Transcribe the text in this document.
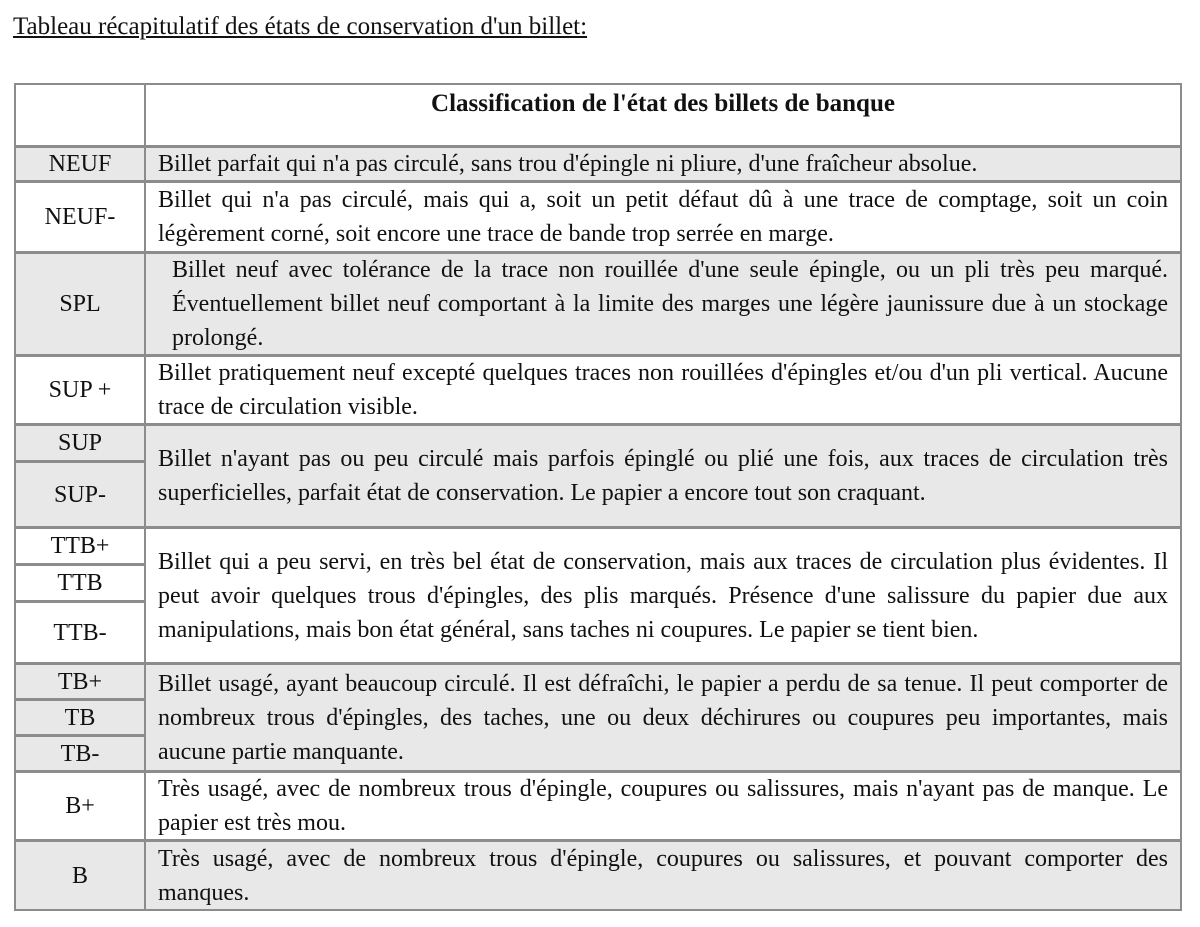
Tableau récapitulatif des états de conservation d'un billet:
Classification de l'état des billets de banque
NEUF	Billet parfait qui n'a pas circulé, sans trou d'épingle ni pliure, d'une fraîcheur absolue.
NEUF-
Billet qui n'a pas circulé, mais qui a, soit un petit défaut dû à une trace de comptage, soit un coin légèrement corné, soit encore une trace de bande trop serrée en marge.
SPL
Billet neuf avec tolérance de la trace non rouillée d'une seule épingle, ou un pli très peu marqué. Éventuellement billet neuf comportant à la limite des marges une légère jaunissure due à un stockage prolongé.
SUP +
Billet pratiquement neuf excepté quelques traces non rouillées d'épingles et/ou d'un pli vertical. Aucune trace de circulation visible.
SUP
SUP-
Billet n'ayant pas ou peu circulé mais parfois épinglé ou plié une fois, aux traces de circulation très superficielles, parfait état de conservation. Le papier a encore tout son craquant.
TTB+
TTB
TTB-
Billet qui a peu servi, en très bel état de conservation, mais aux traces de circulation plus évidentes. Il peut avoir quelques trous d'épingles, des plis marqués. Présence d'une salissure du papier due aux manipulations, mais bon état général, sans taches ni coupures. Le papier se tient bien.
TB+
TB
TB-
Billet usagé, ayant beaucoup circulé. Il est défraîchi, le papier a perdu de sa tenue. Il peut comporter de nombreux trous d'épingles, des taches, une ou deux déchirures ou coupures peu importantes, mais aucune partie manquante.
B+
Très usagé, avec de nombreux trous d'épingle, coupures ou salissures, mais n'ayant pas de manque. Le papier est très mou.
B
Très usagé, avec de nombreux trous d'épingle, coupures ou salissures, et pouvant comporter des manques.
